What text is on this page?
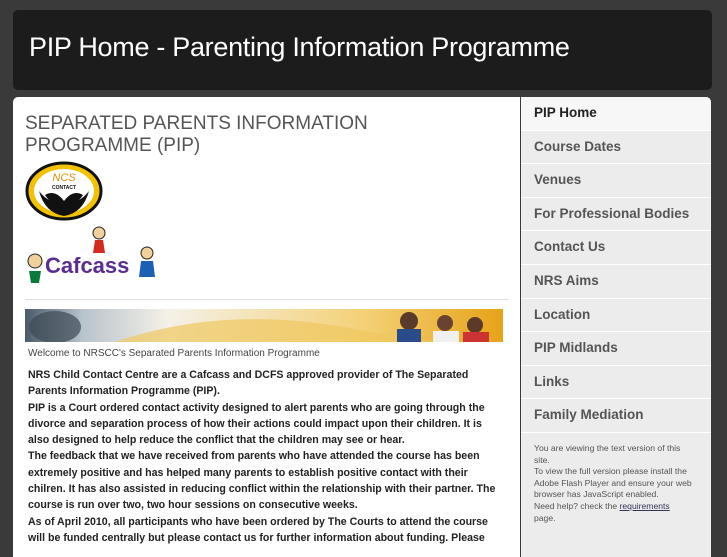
PIP Home - Parenting Information Programme
SEPARATED PARENTS INFORMATION PROGRAMME (PIP)
NCS
CONTACT
Cafcass
Welcome to NRSCC's Separated Parents Information Programme

NRS Child Contact Centre are a Cafcass and DCFS approved provider of The Separated Parents Information Programme (PIP).

PIP is a Court ordered contact activity designed to alert parents who are going through the divorce and separation process of how their actions could impact upon their children. It is also designed to help reduce the conflict that the children may see or hear.

The feedback that we have received from parents who have attended the course has been extremely positive and has helped many parents to establish positive contact with their chilren. It has also assisted in reducing conflict within the relationship with their partner. The course is run over two, two hour sessions on consecutive weeks.

As of April 2010, all participants who have been ordered by The Courts to attend the course will be funded centrally but please contact us for further information about funding. Please

PIP Home
Course Dates
Venues
For Professional Bodies
Contact Us
NRS Aims
Location
PIP Midlands
Links
Family Mediation
You are viewing the text version of this site.
To view the full version please install the Adobe Flash Player and ensure your web browser has JavaScript enabled.
Need help? check the requirements
page.
